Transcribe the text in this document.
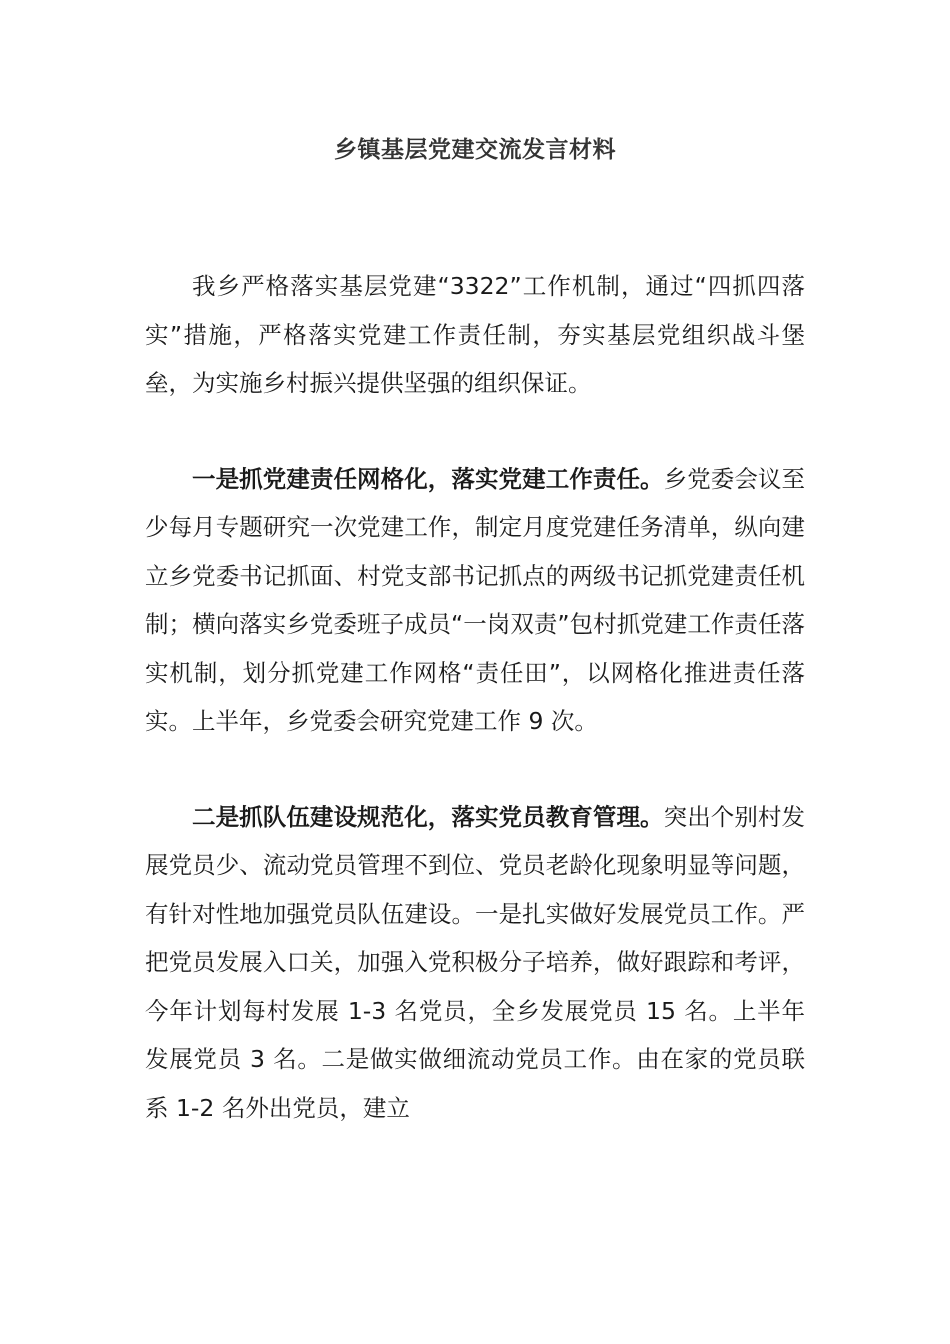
乡镇基层党建交流发言材料

我乡严格落实基层党建“3322”工作机制，通过“四抓四落实”措施，严格落实党建工作责任制，夯实基层党组织战斗堡垒，为实施乡村振兴提供坚强的组织保证。

一是抓党建责任网格化，落实党建工作责任。乡党委会议至少每月专题研究一次党建工作，制定月度党建任务清单，纵向建立乡党委书记抓面、村党支部书记抓点的两级书记抓党建责任机制；横向落实乡党委班子成员“一岗双责”包村抓党建工作责任落实机制，划分抓党建工作网格“责任田”，以网格化推进责任落实。上半年，乡党委会研究党建工作 9 次。

二是抓队伍建设规范化，落实党员教育管理。突出个别村发展党员少、流动党员管理不到位、党员老龄化现象明显等问题，有针对性地加强党员队伍建设。一是扎实做好发展党员工作。严把党员发展入口关，加强入党积极分子培养，做好跟踪和考评，今年计划每村发展 1-3 名党员，全乡发展党员 15 名。上半年发展党员 3 名。二是做实做细流动党员工作。由在家的党员联系 1-2 名外出党员，建立
